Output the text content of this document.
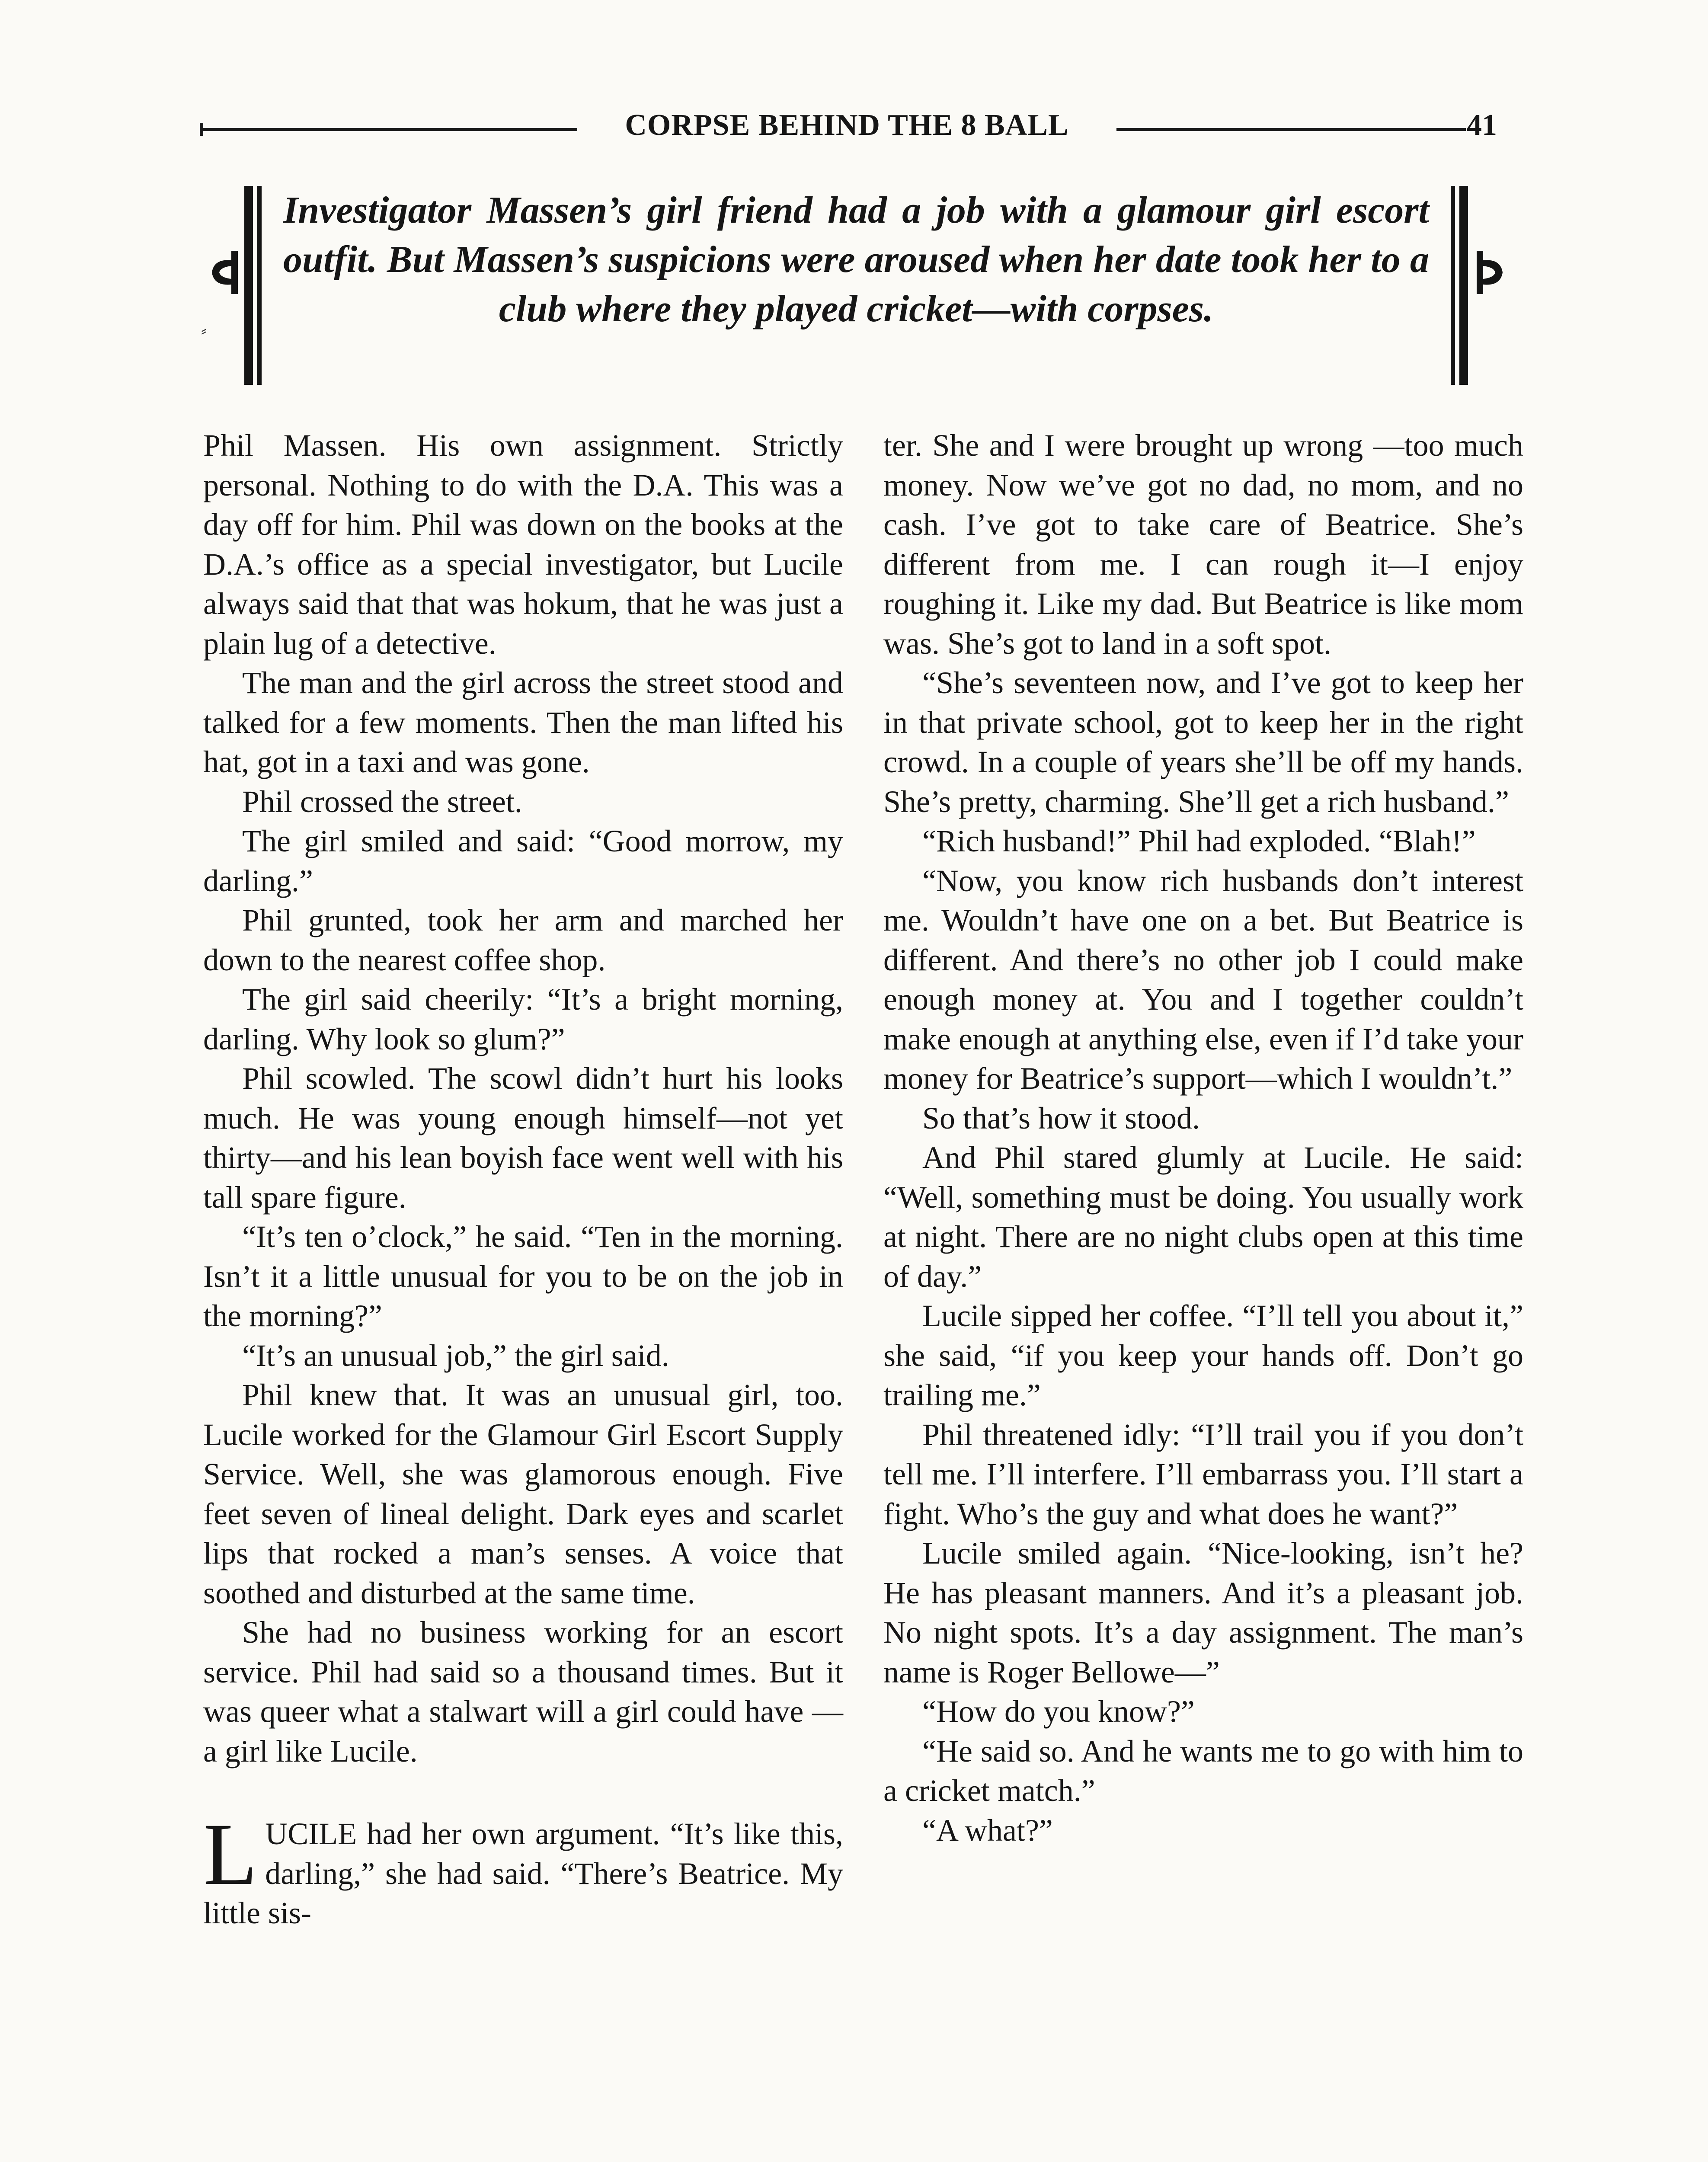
CORPSE BEHIND THE 8 BALL	41
⸗
Investigator Massen’s girl friend had a job with a glamour girl escort outfit. But Massen’s suspicions were aroused when her date took her to a club where they played cricket—with corpses.

Phil Massen. His own assignment. Strictly personal. Nothing to do with the D.A. This was a day off for him. Phil was down on the books at the D.A.’s office as a special investigator, but Lucile always said that that was hokum, that he was just a plain lug of a detective.

The man and the girl across the street stood and talked for a few moments. Then the man lifted his hat, got in a taxi and was gone.

Phil crossed the street.

The girl smiled and said: “Good morrow, my darling.”

Phil grunted, took her arm and marched her down to the nearest coffee shop.

The girl said cheerily: “It’s a bright morning, darling. Why look so glum?”

Phil scowled. The scowl didn’t hurt his looks much. He was young enough himself—not yet thirty—and his lean boyish face went well with his tall spare figure.

“It’s ten o’clock,” he said. “Ten in the morning. Isn’t it a little unusual for you to be on the job in the morning?”

“It’s an unusual job,” the girl said.

Phil knew that. It was an unusual girl, too. Lucile worked for the Glamour Girl Escort Supply Service. Well, she was glamorous enough. Five feet seven of lineal delight. Dark eyes and scarlet lips that rocked a man’s senses. A voice that soothed and disturbed at the same time.

She had no business working for an escort service. Phil had said so a thousand times. But it was queer what a stalwart will a girl could have —a girl like Lucile.

LUCILE had her own argument. “It’s like this, darling,” she had said. “There’s Beatrice. My little sis-

ter. She and I were brought up wrong —too much money. Now we’ve got no dad, no mom, and no cash. I’ve got to take care of Beatrice. She’s different from me. I can rough it—I enjoy roughing it. Like my dad. But Beatrice is like mom was. She’s got to land in a soft spot.

“She’s seventeen now, and I’ve got to keep her in that private school, got to keep her in the right crowd. In a couple of years she’ll be off my hands. She’s pretty, charming. She’ll get a rich husband.”

“Rich husband!” Phil had exploded. “Blah!”

“Now, you know rich husbands don’t interest me. Wouldn’t have one on a bet. But Beatrice is different. And there’s no other job I could make enough money at. You and I together couldn’t make enough at anything else, even if I’d take your money for Beatrice’s support—which I wouldn’t.”

So that’s how it stood.

And Phil stared glumly at Lucile. He said: “Well, something must be doing. You usually work at night. There are no night clubs open at this time of day.”

Lucile sipped her coffee. “I’ll tell you about it,” she said, “if you keep your hands off. Don’t go trailing me.”

Phil threatened idly: “I’ll trail you if you don’t tell me. I’ll interfere. I’ll embarrass you. I’ll start a fight. Who’s the guy and what does he want?”

Lucile smiled again. “Nice-looking, isn’t he? He has pleasant manners. And it’s a pleasant job. No night spots. It’s a day assignment. The man’s name is Roger Bellowe—”

“How do you know?”

“He said so. And he wants me to go with him to a cricket match.”

“A what?”
